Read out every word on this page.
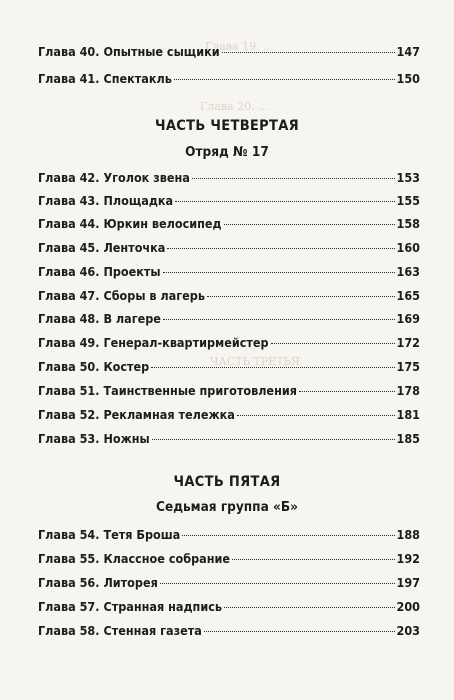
Глава 19. ...
Глава 20. ...
ЧАСТЬ ТРЕТЬЯ
Глава 40. Опытные сыщики	147
Глава 41. Спектакль	150
ЧАСТЬ ЧЕТВЕРТАЯ
Отряд № 17
Глава 42. Уголок звена	153
Глава 43. Площадка	155
Глава 44. Юркин велосипед	158
Глава 45. Ленточка	160
Глава 46. Проекты	163
Глава 47. Сборы в лагерь	165
Глава 48. В лагере	169
Глава 49. Генерал-квартирмейстер	172
Глава 50. Костер	175
Глава 51. Таинственные приготовления	178
Глава 52. Рекламная тележка	181
Глава 53. Ножны	185
ЧАСТЬ ПЯТАЯ
Седьмая группа «Б»
Глава 54. Тетя Броша	188
Глава 55. Классное собрание	192
Глава 56. Литорея	197
Глава 57. Странная надпись	200
Глава 58. Стенная газета	203
